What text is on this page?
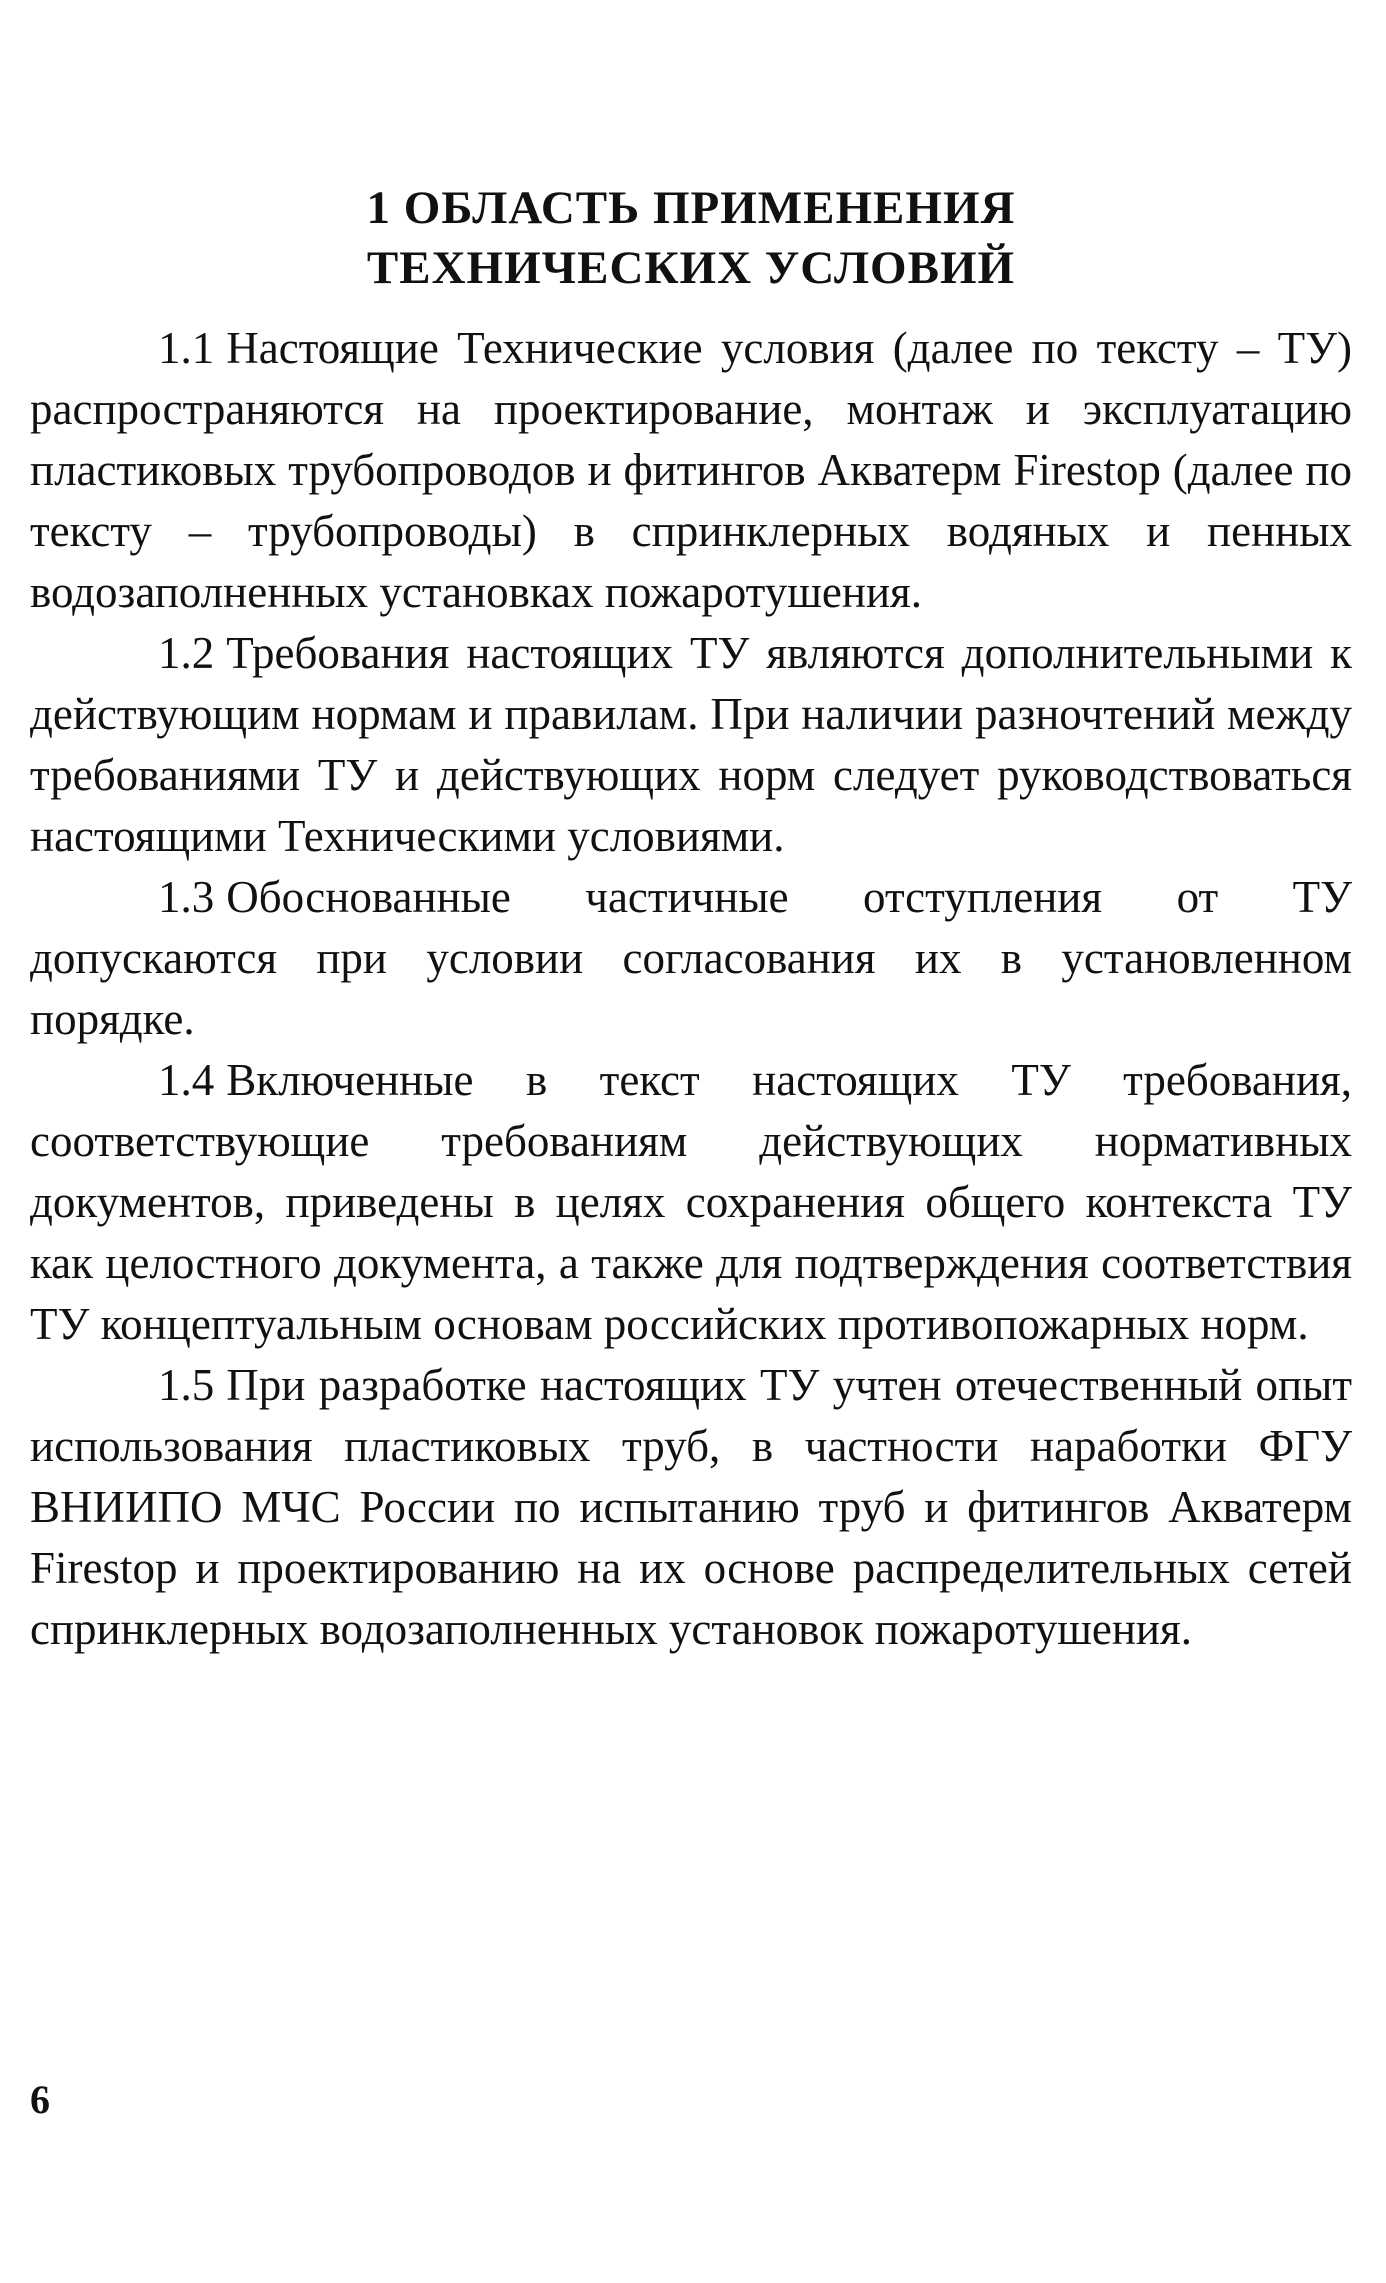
1 ОБЛАСТЬ ПРИМЕНЕНИЯ
ТЕХНИЧЕСКИХ УСЛОВИЙ

1.1 Настоящие Технические условия (далее по тексту – ТУ) распространяются на проектирование, монтаж и эксплуатацию пластиковых трубопроводов и фитингов Акватерм Firestop (далее по тексту – трубопроводы) в спринклерных водяных и пенных водозаполненных установках пожаротушения.

1.2 Требования настоящих ТУ являются дополнительными к действующим нормам и правилам. При наличии разночтений между требованиями ТУ и действующих норм следует руководствоваться настоящими Техническими условиями.

1.3 Обоснованные частичные отступления от ТУ допускаются при условии согласования их в установленном порядке.

1.4 Включенные в текст настоящих ТУ требования, соответствующие требованиям действующих нормативных документов, приведены в целях сохранения общего контекста ТУ как целостного документа, а также для подтверждения соответствия ТУ концептуальным основам российских противопожарных норм.

1.5 При разработке настоящих ТУ учтен отечественный опыт использования пластиковых труб, в частности наработки ФГУ ВНИИПО МЧС России по испытанию труб и фитингов Акватерм Firestop и проектированию на их основе распределительных сетей спринклерных водозаполненных установок пожаротушения.

6
